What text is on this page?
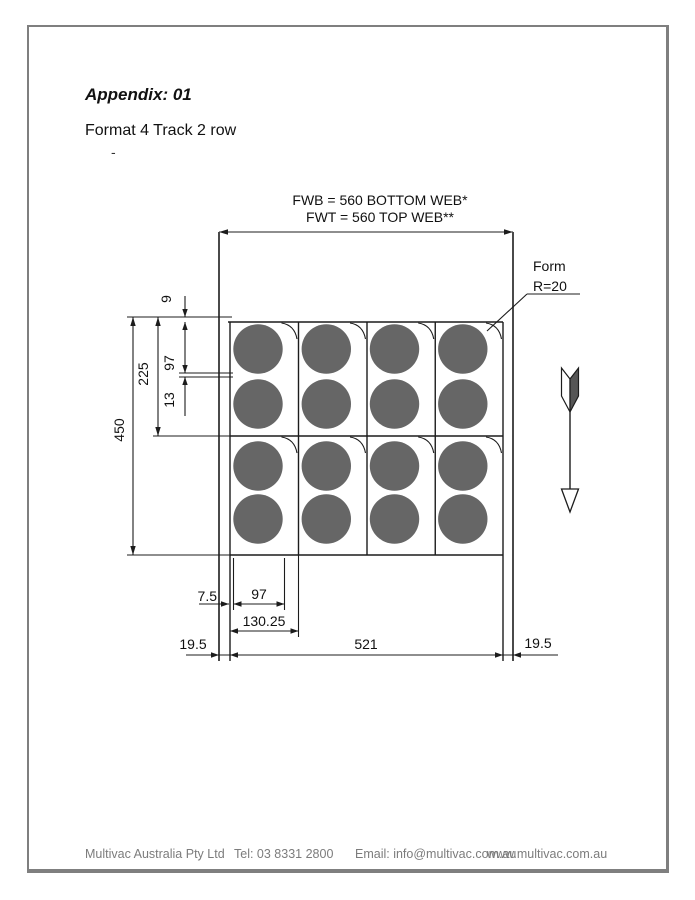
Appendix: 01
Format 4 Track 2 row
-
FWB = 560 BOTTOM WEB*
FWT = 560 TOP WEB**
Form
R=20
450
225
9
97
13
7.5 97
130.25
19.5	521	19.5
Multivac Australia Pty Ltd Tel: 03 8331 2800 Email: info@multivac.com.au
www.multivac.com.au
